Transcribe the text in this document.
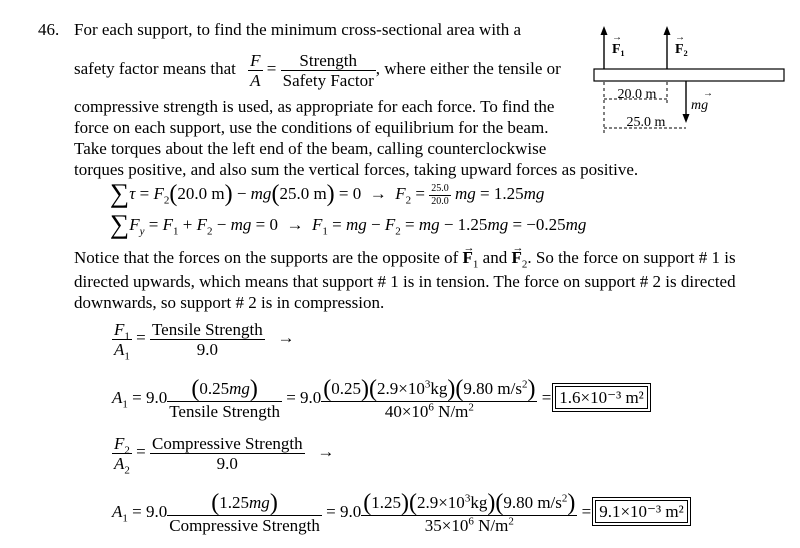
46. For each support, to find the minimum cross-sectional area with a
safety factor means that $\frac{F}{A} = \frac{\text{Strength}}{\text{Safety Factor}}$ , where either the tensile or
compressive strength is used, as appropriate for each force. To find the
force on each support, use the conditions of equilibrium for the beam.
Take torques about the left end of the beam, calling counterclockwise
torques positive, and also sum the vertical forces, taking upward forces as positive.
20.0 m
25.0 m
F₁	F₂
mg
→	→
→
$\sum\tau = F_2(20.0$ m) − mg(25.0 $m) = 0 \to F_2 = \frac{25.0}{20.0}$ mg = 1.25mg
$\sum F_y = F_1 + F_2$ − mg = $0 \to F_1$ = mg − $F_2$ = mg − 1.25mg = −0.25mg
Notice that the forces on the supports are the opposite of → $F_1$ and → $F_2$. So the force on support # 1 is
directed upwards, which means that support # 1 is in tension. The force on support # 2 is directed
downwards, so support # 2 is in compression.
$\frac{F_1}{A_1} = \frac{\text{Tensile Strength}}{9.0}$ →
$A_1 = 9.0 \frac{(0.25mg)}{\text{Tensile Strength}} = 9.0 \frac{(0.25)(2.9\times 10^3kg)(9.80 m/s^2)}{40\times 10^6 N/m^2} = 1.6\times 10^{-3}$ m²
$\frac{F_2}{A_2} = \frac{\text{Compressive Strength}}{9.0}$ →
$A_1 = 9.0 \frac{(1.25mg)}{\text{Compressive Strength}} = 9.0 \frac{(1.25)(2.9\times 10^3kg)(9.80 m/s^2)}{35\times 10^6 N/m^2} = 9.1\times 10^{-3}$ m²
